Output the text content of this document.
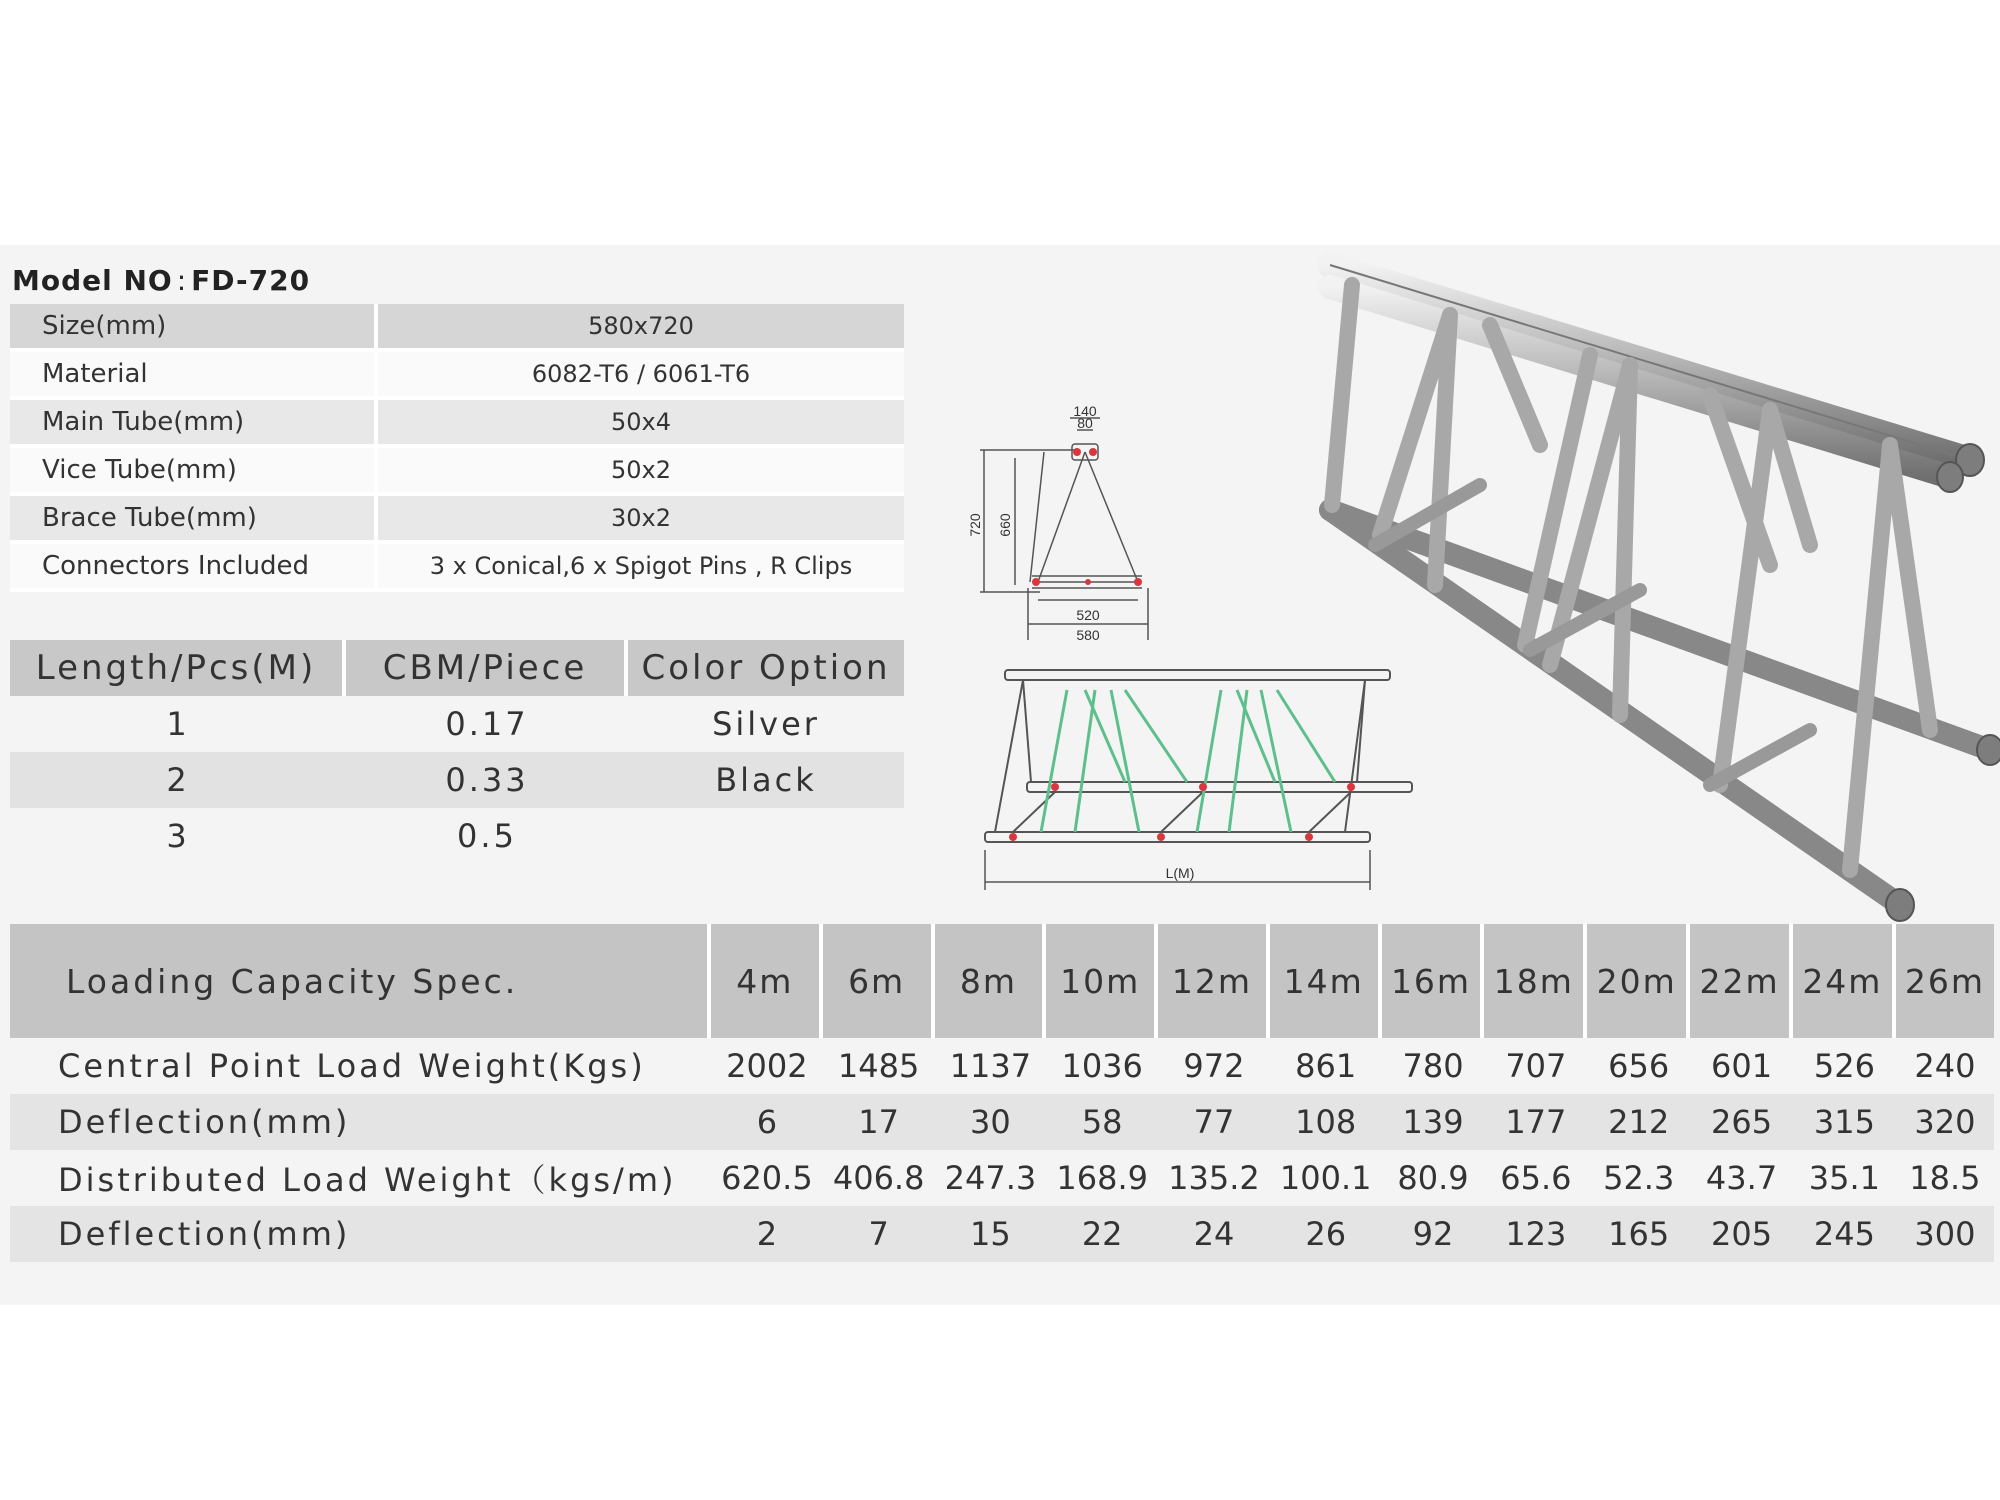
Model NO : FD-720
Size(mm)	580x720
Material	6082-T6 / 6061-T6
Main Tube(mm)	50x4
Vice Tube(mm)	50x2
Brace Tube(mm)	30x2
Connectors Included	3 x Conical,6 x Spigot Pins , R Clips
Length/Pcs(M)	CBM/Piece	Color Option
1	0.17	Silver
2	0.33	Black
3	0.5	
140
80
520
580
720 660
L(M)
Loading Capacity Spec.	4m	6m	8m	10m	12m	14m	16m	18m	20m	22m	24m	26m
Central Point Load Weight(Kgs)	2002	1485	1137	1036	972	861	780	707	656	601	526	240
Deflection(mm)	6	17	30	58	77	108	139	177	212	265	315	320
Distributed Load Weight（kgs/m)	620.5	406.8	247.3	168.9	135.2	100.1	80.9	65.6	52.3	43.7	35.1	18.5
Deflection(mm)	2	7	15	22	24	26	92	123	165	205	245	300
